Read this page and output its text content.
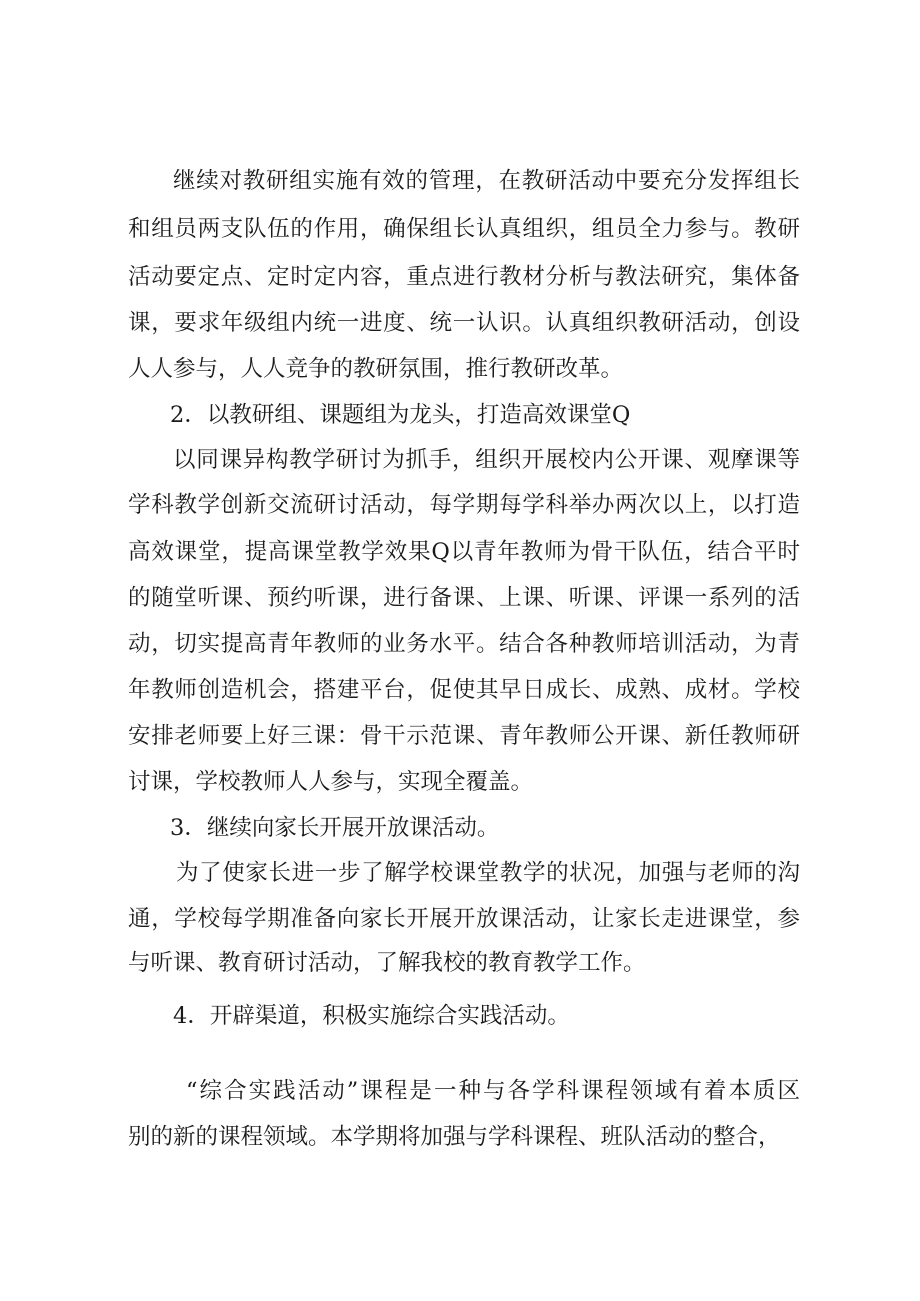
继续对教研组实施有效的管理，在教研活动中要充分发挥组长
和组员两支队伍的作用，确保组长认真组织，组员全力参与。教研
活动要定点、定时定内容，重点进行教材分析与教法研究，集体备
课，要求年级组内统一进度、统一认识。认真组织教研活动，创设
人人参与，人人竞争的教研氛围，推行教研改革。
2．以教研组、课题组为龙头，打造高效课堂Q
以同课异构教学研讨为抓手，组织开展校内公开课、观摩课等
学科教学创新交流研讨活动，每学期每学科举办两次以上，以打造
高效课堂，提高课堂教学效果Q以青年教师为骨干队伍，结合平时
的随堂听课、预约听课，进行备课、上课、听课、评课一系列的活
动，切实提高青年教师的业务水平。结合各种教师培训活动，为青
年教师创造机会，搭建平台，促使其早日成长、成熟、成材。学校
安排老师要上好三课：骨干示范课、青年教师公开课、新任教师研
讨课，学校教师人人参与，实现全覆盖。
3．继续向家长开展开放课活动。
为了使家长进一步了解学校课堂教学的状况，加强与老师的沟
通，学校每学期准备向家长开展开放课活动，让家长走进课堂，参
与听课、教育研讨活动，了解我校的教育教学工作。
4．开辟渠道，积极实施综合实践活动。
“综合实践活动”课程是一种与各学科课程领域有着本质区
别的新的课程领域。本学期将加强与学科课程、班队活动的整合，
